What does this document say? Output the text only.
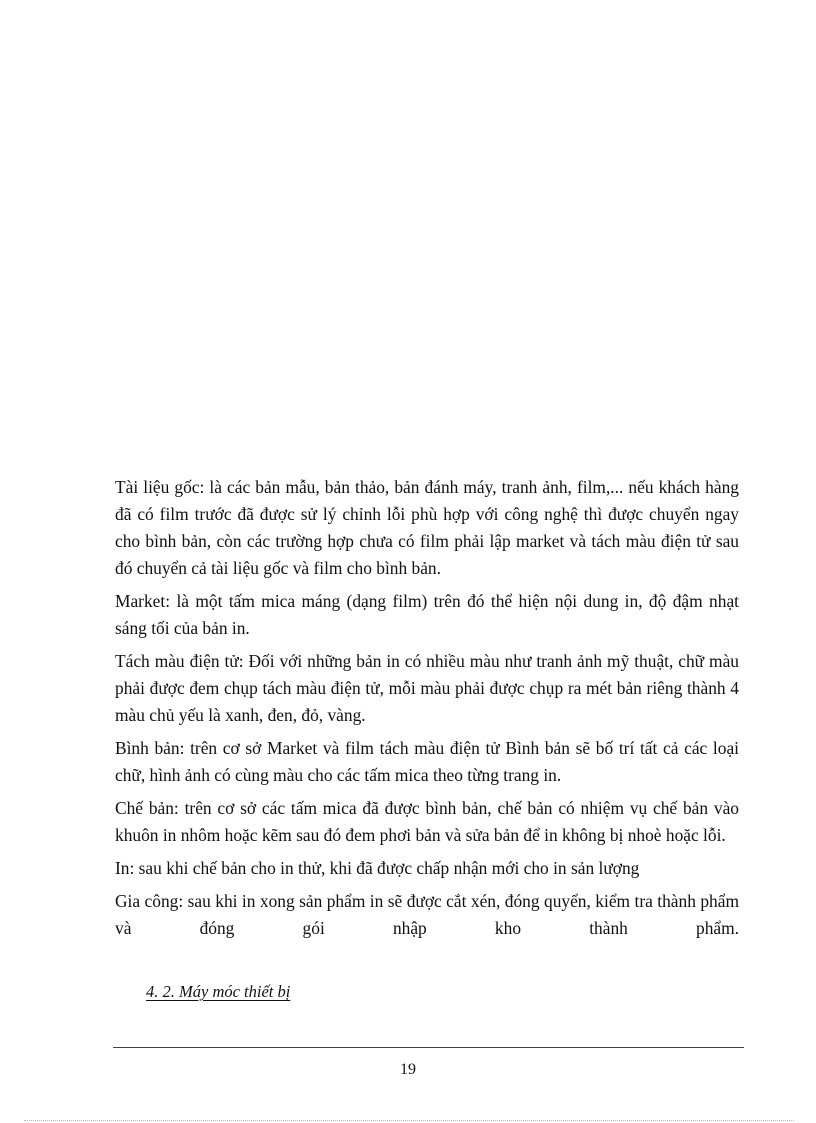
Tài liệu gốc: là các bản mẫu, bản thảo, bản đánh máy, tranh ảnh, film,... nếu khách hàng đã có film trước đã được sử lý chỉnh lỗi phù hợp với công nghệ thì được chuyển ngay cho bình bản, còn các trường hợp chưa có film phải lập market và tách màu điện tử sau đó chuyển cả tài liệu gốc và film cho bình bản.

Market: là một tấm mica máng (dạng film) trên đó thể hiện nội dung in, độ đậm nhạt sáng tối của bản in.

Tách màu điện tử: Đối với những bản in có nhiều màu như tranh ảnh mỹ thuật, chữ màu phải được đem chụp tách màu điện tử, mỗi màu phải được chụp ra mét bản riêng thành 4 màu chủ yếu là xanh, đen, đỏ, vàng.

Bình bản: trên cơ sở Market và film tách màu điện tử Bình bản sẽ bố trí tất cả các loại chữ, hình ảnh có cùng màu cho các tấm mica theo từng trang in.

Chế bản: trên cơ sở các tấm mica đã được bình bản, chế bản có nhiệm vụ chế bản vào khuôn in nhôm hoặc kẽm sau đó đem phơi bản và sửa bản để in không bị nhoè hoặc lỗi.

In: sau khi chế bản cho in thử, khi đã được chấp nhận mới cho in sản lượng

Gia công: sau khi in xong sản phẩm in sẽ được cắt xén, đóng quyển, kiểm tra thành phẩm và đóng gói nhập kho thành phẩm.

4. 2. Máy móc thiết bị
19
